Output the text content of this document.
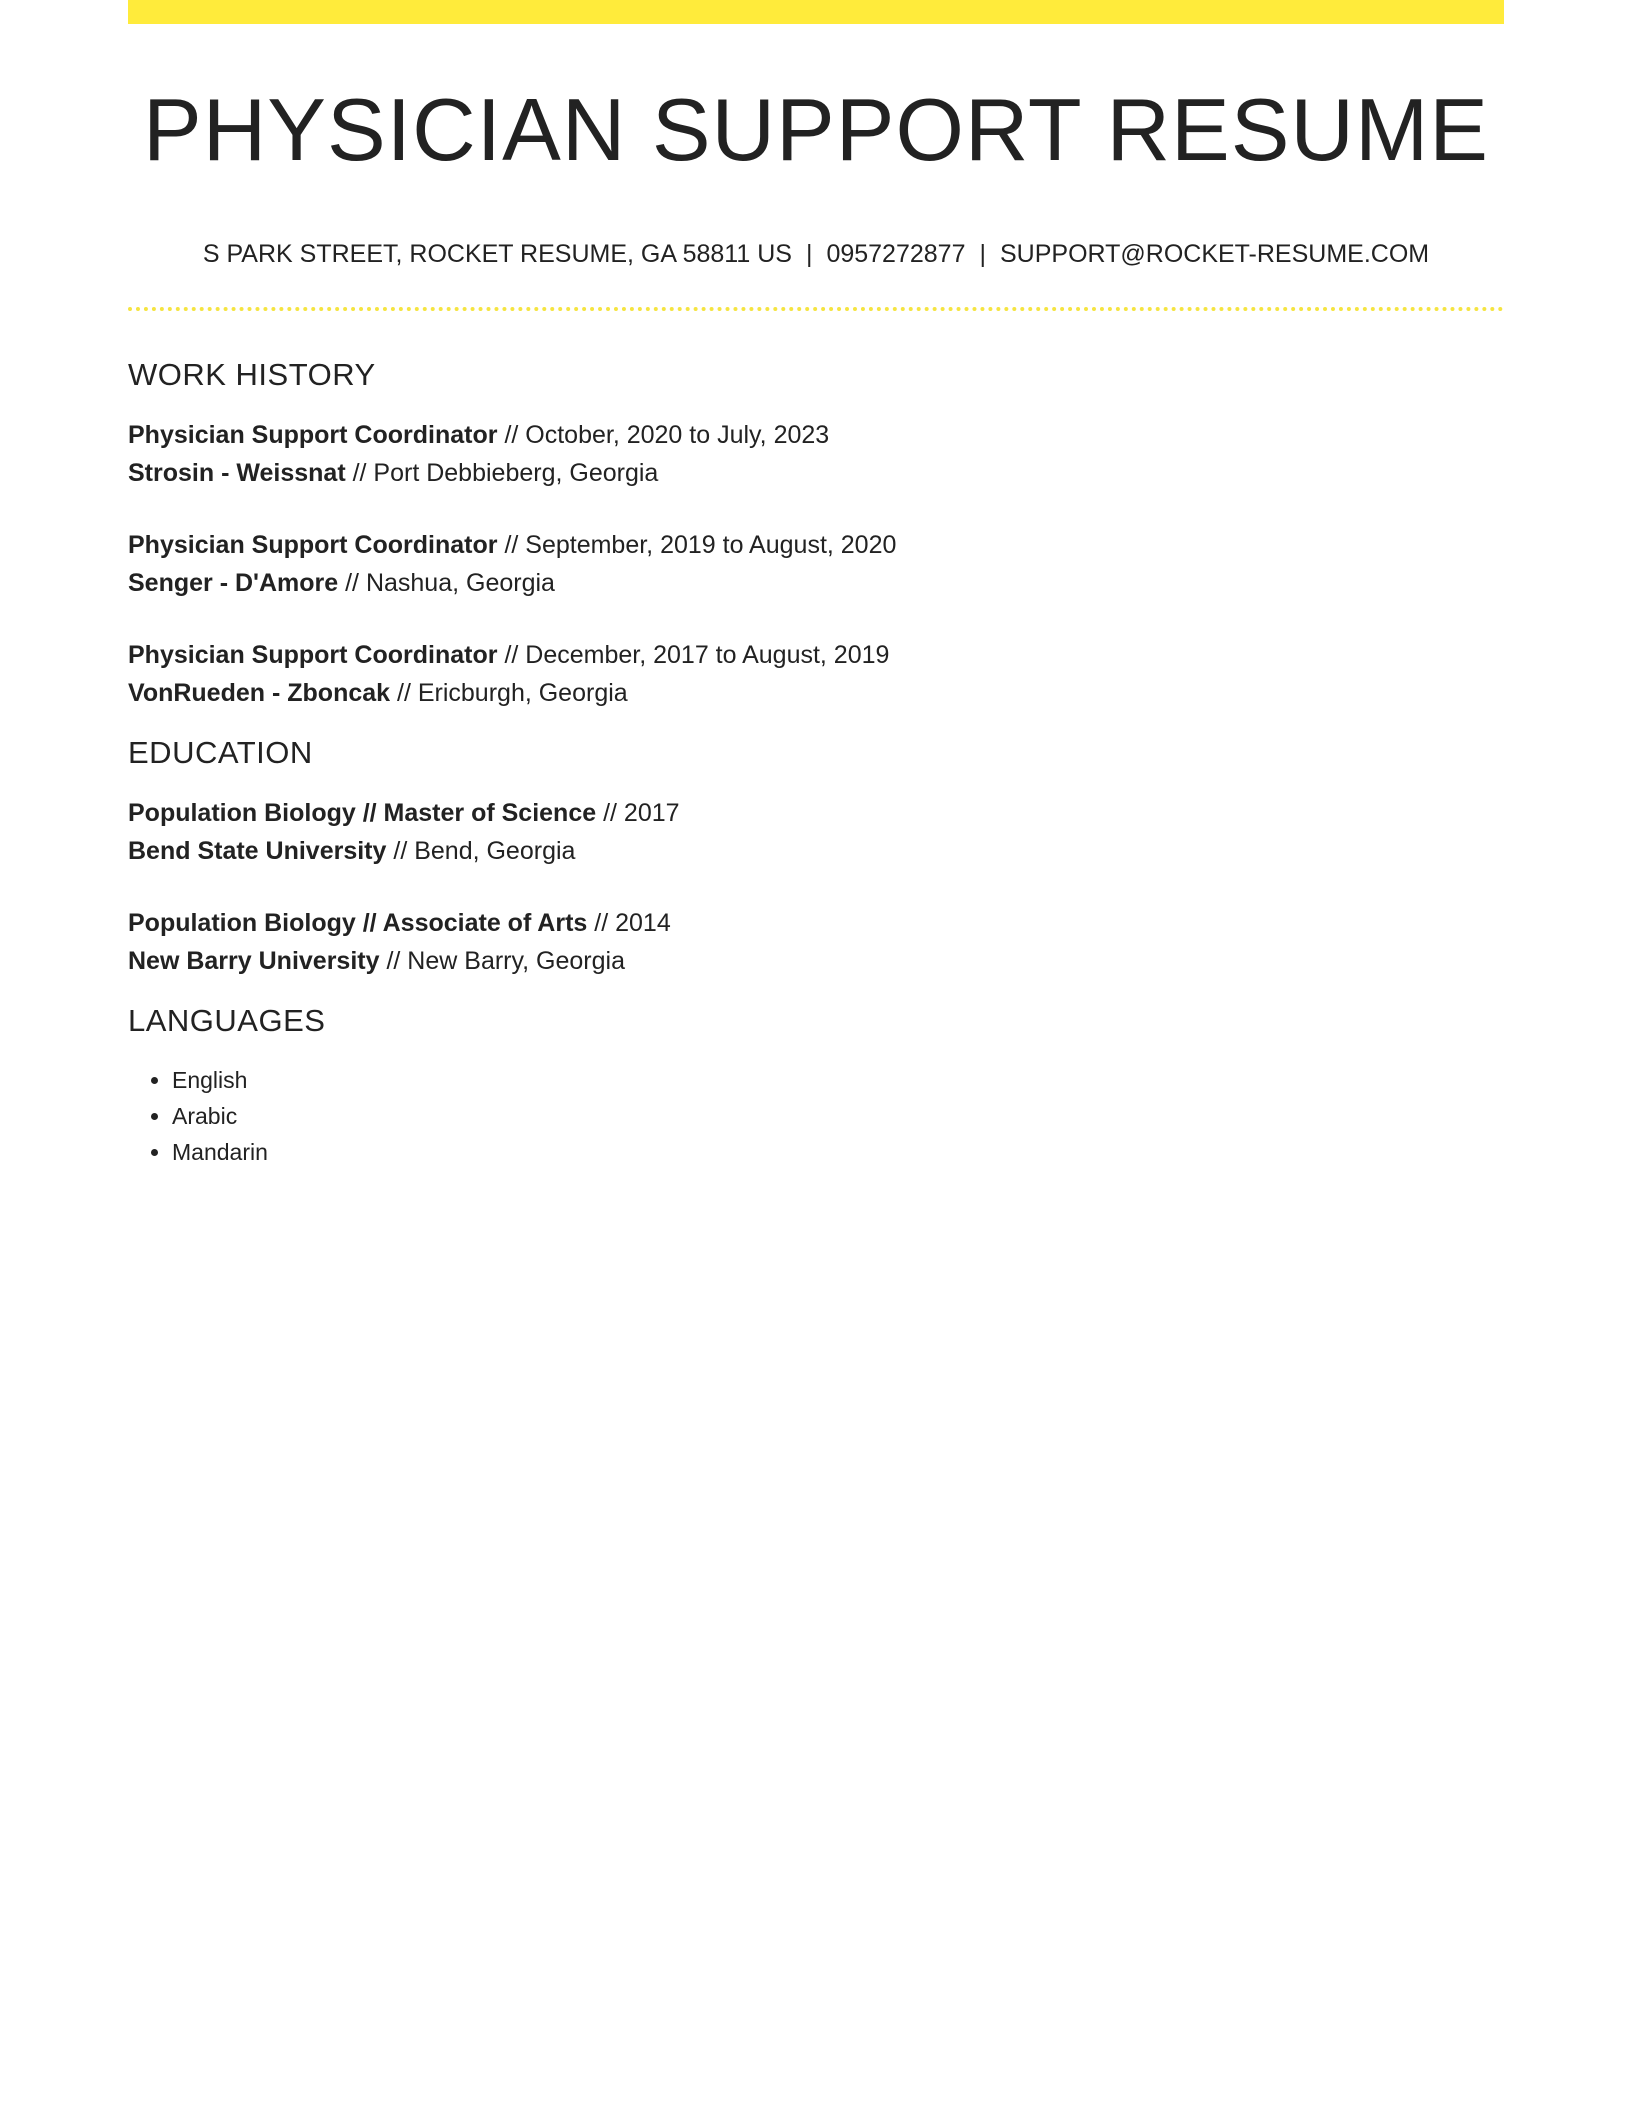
PHYSICIAN SUPPORT RESUME
S PARK STREET, ROCKET RESUME, GA 58811 US | 0957272877 | SUPPORT@ROCKET-RESUME.COM
WORK HISTORY
Physician Support Coordinator // October, 2020 to July, 2023
Strosin - Weissnat // Port Debbieberg, Georgia
Physician Support Coordinator // September, 2019 to August, 2020
Senger - D'Amore // Nashua, Georgia
Physician Support Coordinator // December, 2017 to August, 2019
VonRueden - Zboncak // Ericburgh, Georgia
EDUCATION
Population Biology // Master of Science // 2017
Bend State University // Bend, Georgia
Population Biology // Associate of Arts // 2014
New Barry University // New Barry, Georgia
LANGUAGES
• English
• Arabic
• Mandarin
